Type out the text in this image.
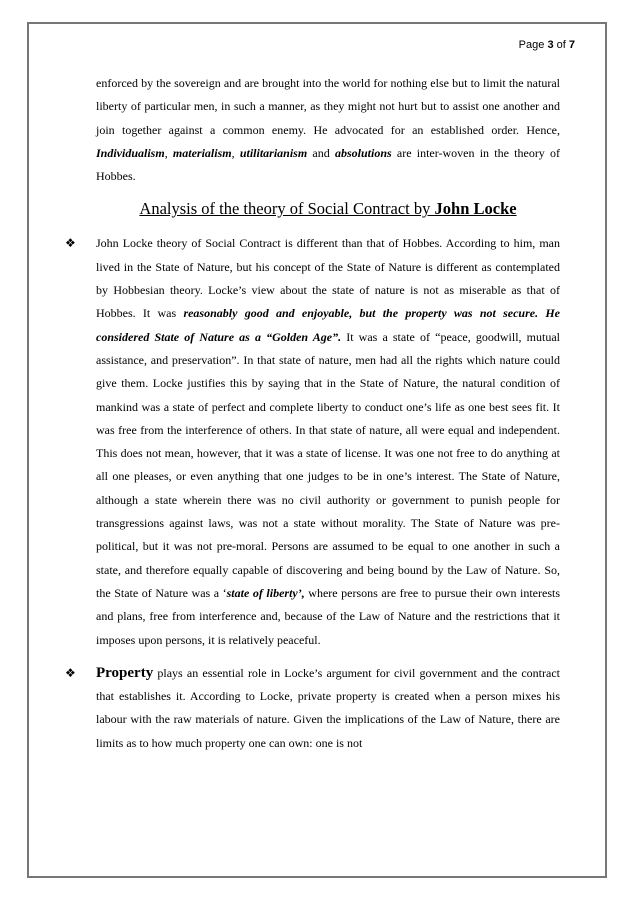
Page 3 of 7

enforced by the sovereign and are brought into the world for nothing else but to limit the natural liberty of particular men, in such a manner, as they might not hurt but to assist one another and join together against a common enemy. He advocated for an established order. Hence, Individualism, materialism, utilitarianism and absolutions are inter-woven in the theory of Hobbes.

Analysis of the theory of Social Contract by John Locke
❖ John Locke theory of Social Contract is different than that of Hobbes. According to him, man lived in the State of Nature, but his concept of the State of Nature is different as contemplated by Hobbesian theory. Locke’s view about the state of nature is not as miserable as that of Hobbes. It was reasonably good and enjoyable, but the property was not secure. He considered State of Nature as a “Golden Age”. It was a state of “peace, goodwill, mutual assistance, and preservation”. In that state of nature, men had all the rights which nature could give them. Locke justifies this by saying that in the State of Nature, the natural condition of mankind was a state of perfect and complete liberty to conduct one’s life as one best sees fit. It was free from the interference of others. In that state of nature, all were equal and independent. This does not mean, however, that it was a state of license. It was one not free to do anything at all one pleases, or even anything that one judges to be in one’s interest. The State of Nature, although a state wherein there was no civil authority or government to punish people for transgressions against laws, was not a state without morality. The State of Nature was pre-political, but it was not pre-moral. Persons are assumed to be equal to one another in such a state, and therefore equally capable of discovering and being bound by the Law of Nature. So, the State of Nature was a ‘state of liberty’, where persons are free to pursue their own interests and plans, free from interference and, because of the Law of Nature and the restrictions that it imposes upon persons, it is relatively peaceful.

❖ Property plays an essential role in Locke’s argument for civil government and the contract that establishes it. According to Locke, private property is created when a person mixes his labour with the raw materials of nature. Given the implications of the Law of Nature, there are limits as to how much property one can own: one is not
